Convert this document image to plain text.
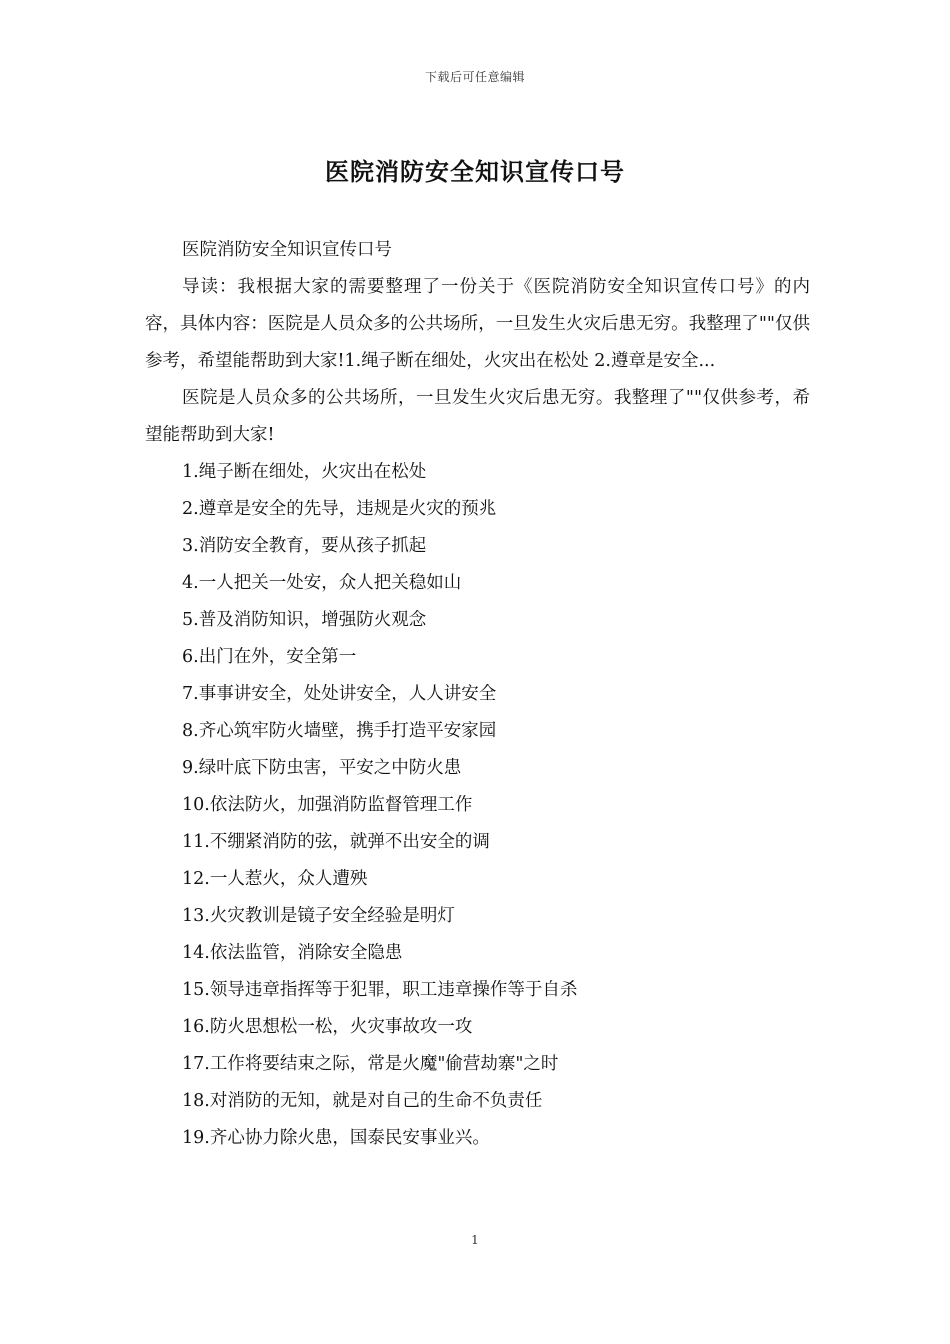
下载后可任意编辑
医院消防安全知识宣传口号

医院消防安全知识宣传口号

导读：我根据大家的需要整理了一份关于《医院消防安全知识宣传口号》的内容，具体内容：医院是人员众多的公共场所，一旦发生火灾后患无穷。我整理了""仅供参考，希望能帮助到大家!1.绳子断在细处，火灾出在松处 2.遵章是安全...

医院是人员众多的公共场所，一旦发生火灾后患无穷。我整理了""仅供参考，希望能帮助到大家!

1.绳子断在细处，火灾出在松处
2.遵章是安全的先导，违规是火灾的预兆
3.消防安全教育，要从孩子抓起
4.一人把关一处安，众人把关稳如山
5.普及消防知识，增强防火观念
6.出门在外，安全第一
7.事事讲安全，处处讲安全，人人讲安全
8.齐心筑牢防火墙壁，携手打造平安家园
9.绿叶底下防虫害，平安之中防火患
10.依法防火，加强消防监督管理工作
11.不绷紧消防的弦，就弹不出安全的调
12.一人惹火，众人遭殃
13.火灾教训是镜子安全经验是明灯
14.依法监管，消除安全隐患
15.领导违章指挥等于犯罪，职工违章操作等于自杀
16.防火思想松一松，火灾事故攻一攻
17.工作将要结束之际，常是火魔"偷营劫寨"之时
18.对消防的无知，就是对自己的生命不负责任
19.齐心协力除火患，国泰民安事业兴。
1
